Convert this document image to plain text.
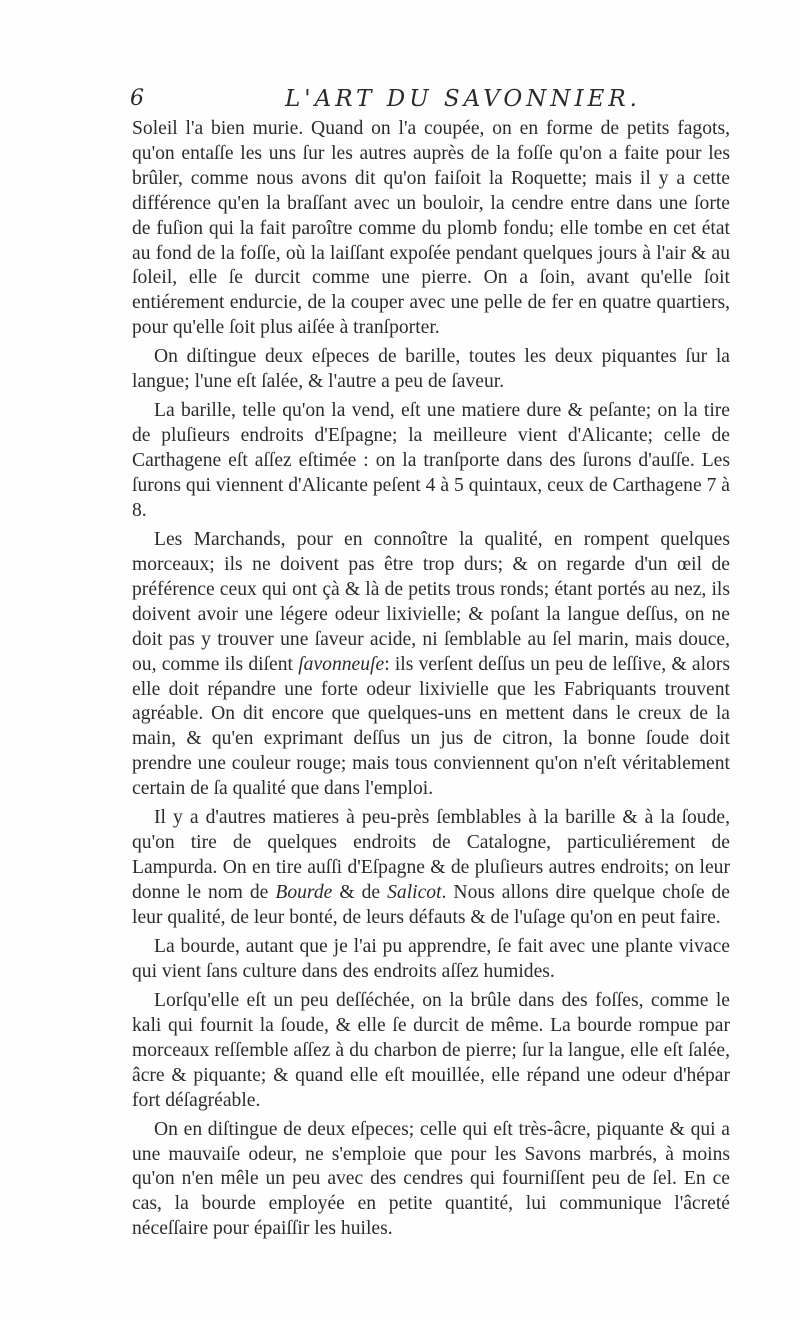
6	L'ART DU SAVONNIER.

Soleil l'a bien murie. Quand on l'a coupée, on en forme de petits fagots, qu'on entaſſe les uns ſur les autres auprès de la foſſe qu'on a faite pour les brûler, comme nous avons dit qu'on faiſoit la Roquette; mais il y a cette différence qu'en la braſſant avec un bouloir, la cendre entre dans une ſorte de fuſion qui la fait paroître comme du plomb fondu; elle tombe en cet état au fond de la foſſe, où la laiſſant expoſée pendant quelques jours à l'air & au ſoleil, elle ſe durcit comme une pierre. On a ſoin, avant qu'elle ſoit entiérement endurcie, de la couper avec une pelle de fer en quatre quartiers, pour qu'elle ſoit plus aiſée à tranſporter.

On diſtingue deux eſpeces de barille, toutes les deux piquantes ſur la langue; l'une eſt ſalée, & l'autre a peu de ſaveur.

La barille, telle qu'on la vend, eſt une matiere dure & peſante; on la tire de pluſieurs endroits d'Eſpagne; la meilleure vient d'Alicante; celle de Carthagene eſt aſſez eſtimée : on la tranſporte dans des ſurons d'auſſe. Les ſurons qui viennent d'Alicante peſent 4 à 5 quintaux, ceux de Carthagene 7 à 8.

Les Marchands, pour en connoître la qualité, en rompent quelques morceaux; ils ne doivent pas être trop durs; & on regarde d'un œil de préférence ceux qui ont çà & là de petits trous ronds; étant portés au nez, ils doivent avoir une légere odeur lixivielle; & poſant la langue deſſus, on ne doit pas y trouver une ſaveur acide, ni ſemblable au ſel marin, mais douce, ou, comme ils diſent ſavonneuſe: ils verſent deſſus un peu de leſſive, & alors elle doit répandre une forte odeur lixivielle que les Fabriquants trouvent agréable. On dit encore que quelques-uns en mettent dans le creux de la main, & qu'en exprimant deſſus un jus de citron, la bonne ſoude doit prendre une couleur rouge; mais tous conviennent qu'on n'eſt véritablement certain de ſa qualité que dans l'emploi.

Il y a d'autres matieres à peu-près ſemblables à la barille & à la ſoude, qu'on tire de quelques endroits de Catalogne, particuliérement de Lampurda. On en tire auſſi d'Eſpagne & de pluſieurs autres endroits; on leur donne le nom de Bourde & de Salicot. Nous allons dire quelque choſe de leur qualité, de leur bonté, de leurs défauts & de l'uſage qu'on en peut faire.

La bourde, autant que je l'ai pu apprendre, ſe fait avec une plante vivace qui vient ſans culture dans des endroits aſſez humides.

Lorſqu'elle eſt un peu deſſéchée, on la brûle dans des foſſes, comme le kali qui fournit la ſoude, & elle ſe durcit de même. La bourde rompue par morceaux reſſemble aſſez à du charbon de pierre; ſur la langue, elle eſt ſalée, âcre & piquante; & quand elle eſt mouillée, elle répand une odeur d'hépar fort déſagréable.

On en diſtingue de deux eſpeces; celle qui eſt très-âcre, piquante & qui a une mauvaiſe odeur, ne s'emploie que pour les Savons marbrés, à moins qu'on n'en mêle un peu avec des cendres qui fourniſſent peu de ſel. En ce cas, la bourde employée en petite quantité, lui communique l'âcreté néceſſaire pour épaiſſir les huiles.
